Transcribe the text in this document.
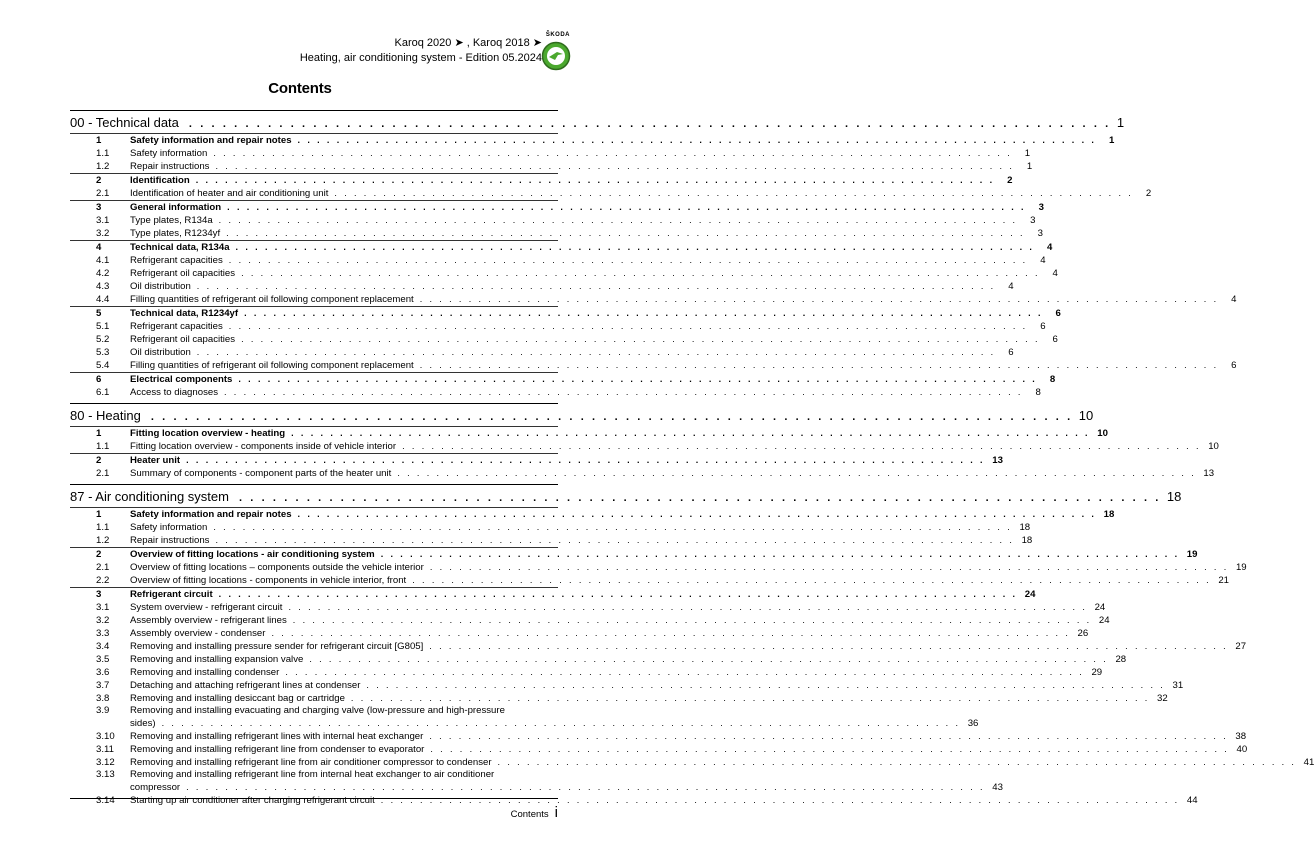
Karoq 2020 ➤ , Karoq 2018 ➤
Heating, air conditioning system - Edition 05.2024
ŠKODA
Contents
00 - Technical data . . . . . . . . . . . . . . . . . . . . . . . . . . . . . . . . . . . . . . . . . . . . . . . . . . . . . . . . . . . . . . . . . . . . . . . . . . . . . . . . . . 1
1	Safety information and repair notes . . . . . . . . . . . . . . . . . . . . . . . . . . . . . . . . . . . . . . . . . . . . . . . . . . . . . . . . . . . . . . . . . . . . . . . . . . . . . . . . . .	1
1.1	Safety information . . . . . . . . . . . . . . . . . . . . . . . . . . . . . . . . . . . . . . . . . . . . . . . . . . . . . . . . . . . . . . . . . . . . . . . . . . . . . . . . . .	1
1.2	Repair instructions . . . . . . . . . . . . . . . . . . . . . . . . . . . . . . . . . . . . . . . . . . . . . . . . . . . . . . . . . . . . . . . . . . . . . . . . . . . . . . . . . .	1
2	Identification . . . . . . . . . . . . . . . . . . . . . . . . . . . . . . . . . . . . . . . . . . . . . . . . . . . . . . . . . . . . . . . . . . . . . . . . . . . . . . . . . .	2
2.1	Identification of heater and air conditioning unit . . . . . . . . . . . . . . . . . . . . . . . . . . . . . . . . . . . . . . . . . . . . . . . . . . . . . . . . . . . . . . . . . . . . . . . . . . . . . . . . . .	2
3	General information . . . . . . . . . . . . . . . . . . . . . . . . . . . . . . . . . . . . . . . . . . . . . . . . . . . . . . . . . . . . . . . . . . . . . . . . . . . . . . . . . .	3
3.1	Type plates, R134a . . . . . . . . . . . . . . . . . . . . . . . . . . . . . . . . . . . . . . . . . . . . . . . . . . . . . . . . . . . . . . . . . . . . . . . . . . . . . . . . . .	3
3.2	Type plates, R1234yf . . . . . . . . . . . . . . . . . . . . . . . . . . . . . . . . . . . . . . . . . . . . . . . . . . . . . . . . . . . . . . . . . . . . . . . . . . . . . . . . . .	3
4	Technical data, R134a . . . . . . . . . . . . . . . . . . . . . . . . . . . . . . . . . . . . . . . . . . . . . . . . . . . . . . . . . . . . . . . . . . . . . . . . . . . . . . . . . .	4
4.1	Refrigerant capacities . . . . . . . . . . . . . . . . . . . . . . . . . . . . . . . . . . . . . . . . . . . . . . . . . . . . . . . . . . . . . . . . . . . . . . . . . . . . . . . . . .	4
4.2	Refrigerant oil capacities . . . . . . . . . . . . . . . . . . . . . . . . . . . . . . . . . . . . . . . . . . . . . . . . . . . . . . . . . . . . . . . . . . . . . . . . . . . . . . . . . .	4
4.3	Oil distribution . . . . . . . . . . . . . . . . . . . . . . . . . . . . . . . . . . . . . . . . . . . . . . . . . . . . . . . . . . . . . . . . . . . . . . . . . . . . . . . . . .	4
4.4	Filling quantities of refrigerant oil following component replacement . . . . . . . . . . . . . . . . . . . . . . . . . . . . . . . . . . . . . . . . . . . . . . . . . . . . . . . . . . . . . . . . . . . . . . . . . . . . . . . . . .	4
5	Technical data, R1234yf . . . . . . . . . . . . . . . . . . . . . . . . . . . . . . . . . . . . . . . . . . . . . . . . . . . . . . . . . . . . . . . . . . . . . . . . . . . . . . . . . .	6
5.1	Refrigerant capacities . . . . . . . . . . . . . . . . . . . . . . . . . . . . . . . . . . . . . . . . . . . . . . . . . . . . . . . . . . . . . . . . . . . . . . . . . . . . . . . . . .	6
5.2	Refrigerant oil capacities . . . . . . . . . . . . . . . . . . . . . . . . . . . . . . . . . . . . . . . . . . . . . . . . . . . . . . . . . . . . . . . . . . . . . . . . . . . . . . . . . .	6
5.3	Oil distribution . . . . . . . . . . . . . . . . . . . . . . . . . . . . . . . . . . . . . . . . . . . . . . . . . . . . . . . . . . . . . . . . . . . . . . . . . . . . . . . . . .	6
5.4	Filling quantities of refrigerant oil following component replacement . . . . . . . . . . . . . . . . . . . . . . . . . . . . . . . . . . . . . . . . . . . . . . . . . . . . . . . . . . . . . . . . . . . . . . . . . . . . . . . . . .	6
6	Electrical components . . . . . . . . . . . . . . . . . . . . . . . . . . . . . . . . . . . . . . . . . . . . . . . . . . . . . . . . . . . . . . . . . . . . . . . . . . . . . . . . . .	8
6.1	Access to diagnoses . . . . . . . . . . . . . . . . . . . . . . . . . . . . . . . . . . . . . . . . . . . . . . . . . . . . . . . . . . . . . . . . . . . . . . . . . . . . . . . . . .	8
80 - Heating . . . . . . . . . . . . . . . . . . . . . . . . . . . . . . . . . . . . . . . . . . . . . . . . . . . . . . . . . . . . . . . . . . . . . . . . . . . . . . . . . . 10
1	Fitting location overview - heating . . . . . . . . . . . . . . . . . . . . . . . . . . . . . . . . . . . . . . . . . . . . . . . . . . . . . . . . . . . . . . . . . . . . . . . . . . . . . . . . . . 10
1.1	Fitting location overview - components inside of vehicle interior . . . . . . . . . . . . . . . . . . . . . . . . . . . . . . . . . . . . . . . . . . . . . . . . . . . . . . . . . . . . . . . . . . . . . . . . . . . . . . . . . . 10
2	Heater unit . . . . . . . . . . . . . . . . . . . . . . . . . . . . . . . . . . . . . . . . . . . . . . . . . . . . . . . . . . . . . . . . . . . . . . . . . . . . . . . . . . 13
2.1	Summary of components - component parts of the heater unit . . . . . . . . . . . . . . . . . . . . . . . . . . . . . . . . . . . . . . . . . . . . . . . . . . . . . . . . . . . . . . . . . . . . . . . . . . . . . . . . . . 13
87 - Air conditioning system . . . . . . . . . . . . . . . . . . . . . . . . . . . . . . . . . . . . . . . . . . . . . . . . . . . . . . . . . . . . . . . . . . . . . . . . . . . . . . . . . . 18
1	Safety information and repair notes . . . . . . . . . . . . . . . . . . . . . . . . . . . . . . . . . . . . . . . . . . . . . . . . . . . . . . . . . . . . . . . . . . . . . . . . . . . . . . . . . . 18
1.1	Safety information . . . . . . . . . . . . . . . . . . . . . . . . . . . . . . . . . . . . . . . . . . . . . . . . . . . . . . . . . . . . . . . . . . . . . . . . . . . . . . . . . . 18
1.2	Repair instructions . . . . . . . . . . . . . . . . . . . . . . . . . . . . . . . . . . . . . . . . . . . . . . . . . . . . . . . . . . . . . . . . . . . . . . . . . . . . . . . . . . 18
2	Overview of fitting locations - air conditioning system . . . . . . . . . . . . . . . . . . . . . . . . . . . . . . . . . . . . . . . . . . . . . . . . . . . . . . . . . . . . . . . . . . . . . . . . . . . . . . . . . . 19
2.1	Overview of fitting locations – components outside the vehicle interior . . . . . . . . . . . . . . . . . . . . . . . . . . . . . . . . . . . . . . . . . . . . . . . . . . . . . . . . . . . . . . . . . . . . . . . . . . . . . . . . . . 19
2.2	Overview of fitting locations - components in vehicle interior, front . . . . . . . . . . . . . . . . . . . . . . . . . . . . . . . . . . . . . . . . . . . . . . . . . . . . . . . . . . . . . . . . . . . . . . . . . . . . . . . . . . 21
3	Refrigerant circuit . . . . . . . . . . . . . . . . . . . . . . . . . . . . . . . . . . . . . . . . . . . . . . . . . . . . . . . . . . . . . . . . . . . . . . . . . . . . . . . . . . 24
3.1	System overview - refrigerant circuit . . . . . . . . . . . . . . . . . . . . . . . . . . . . . . . . . . . . . . . . . . . . . . . . . . . . . . . . . . . . . . . . . . . . . . . . . . . . . . . . . . 24
3.2	Assembly overview - refrigerant lines . . . . . . . . . . . . . . . . . . . . . . . . . . . . . . . . . . . . . . . . . . . . . . . . . . . . . . . . . . . . . . . . . . . . . . . . . . . . . . . . . . 24
3.3	Assembly overview - condenser . . . . . . . . . . . . . . . . . . . . . . . . . . . . . . . . . . . . . . . . . . . . . . . . . . . . . . . . . . . . . . . . . . . . . . . . . . . . . . . . . . 26
3.4	Removing and installing pressure sender for refrigerant circuit [G805] . . . . . . . . . . . . . . . . . . . . . . . . . . . . . . . . . . . . . . . . . . . . . . . . . . . . . . . . . . . . . . . . . . . . . . . . . . . . . . . . . . 27
3.5	Removing and installing expansion valve . . . . . . . . . . . . . . . . . . . . . . . . . . . . . . . . . . . . . . . . . . . . . . . . . . . . . . . . . . . . . . . . . . . . . . . . . . . . . . . . . . 28
3.6	Removing and installing condenser . . . . . . . . . . . . . . . . . . . . . . . . . . . . . . . . . . . . . . . . . . . . . . . . . . . . . . . . . . . . . . . . . . . . . . . . . . . . . . . . . . 29
3.7	Detaching and attaching refrigerant lines at condenser . . . . . . . . . . . . . . . . . . . . . . . . . . . . . . . . . . . . . . . . . . . . . . . . . . . . . . . . . . . . . . . . . . . . . . . . . . . . . . . . . . 31
3.8	Removing and installing desiccant bag or cartridge . . . . . . . . . . . . . . . . . . . . . . . . . . . . . . . . . . . . . . . . . . . . . . . . . . . . . . . . . . . . . . . . . . . . . . . . . . . . . . . . . . 32
3.9	Removing and installing evacuating and charging valve (low-pressure and high-pressure
sides) . . . . . . . . . . . . . . . . . . . . . . . . . . . . . . . . . . . . . . . . . . . . . . . . . . . . . . . . . . . . . . . . . . . . . . . . . . . . . . . . . . 36
3.10	Removing and installing refrigerant lines with internal heat exchanger . . . . . . . . . . . . . . . . . . . . . . . . . . . . . . . . . . . . . . . . . . . . . . . . . . . . . . . . . . . . . . . . . . . . . . . . . . . . . . . . . . 38
3.11	Removing and installing refrigerant line from condenser to evaporator . . . . . . . . . . . . . . . . . . . . . . . . . . . . . . . . . . . . . . . . . . . . . . . . . . . . . . . . . . . . . . . . . . . . . . . . . . . . . . . . . . 40
3.12	Removing and installing refrigerant line from air conditioner compressor to condenser . . . . . . . . . . . . . . . . . . . . . . . . . . . . . . . . . . . . . . . . . . . . . . . . . . . . . . . . . . . . . . . . . . . . . . . . . . . . . . . . . . 41
3.13	Removing and installing refrigerant line from internal heat exchanger to air conditioner
compressor . . . . . . . . . . . . . . . . . . . . . . . . . . . . . . . . . . . . . . . . . . . . . . . . . . . . . . . . . . . . . . . . . . . . . . . . . . . . . . . . . . 43
3.14	Starting up air conditioner after charging refrigerant circuit . . . . . . . . . . . . . . . . . . . . . . . . . . . . . . . . . . . . . . . . . . . . . . . . . . . . . . . . . . . . . . . . . . . . . . . . . . . . . . . . . . 44
Contents i
